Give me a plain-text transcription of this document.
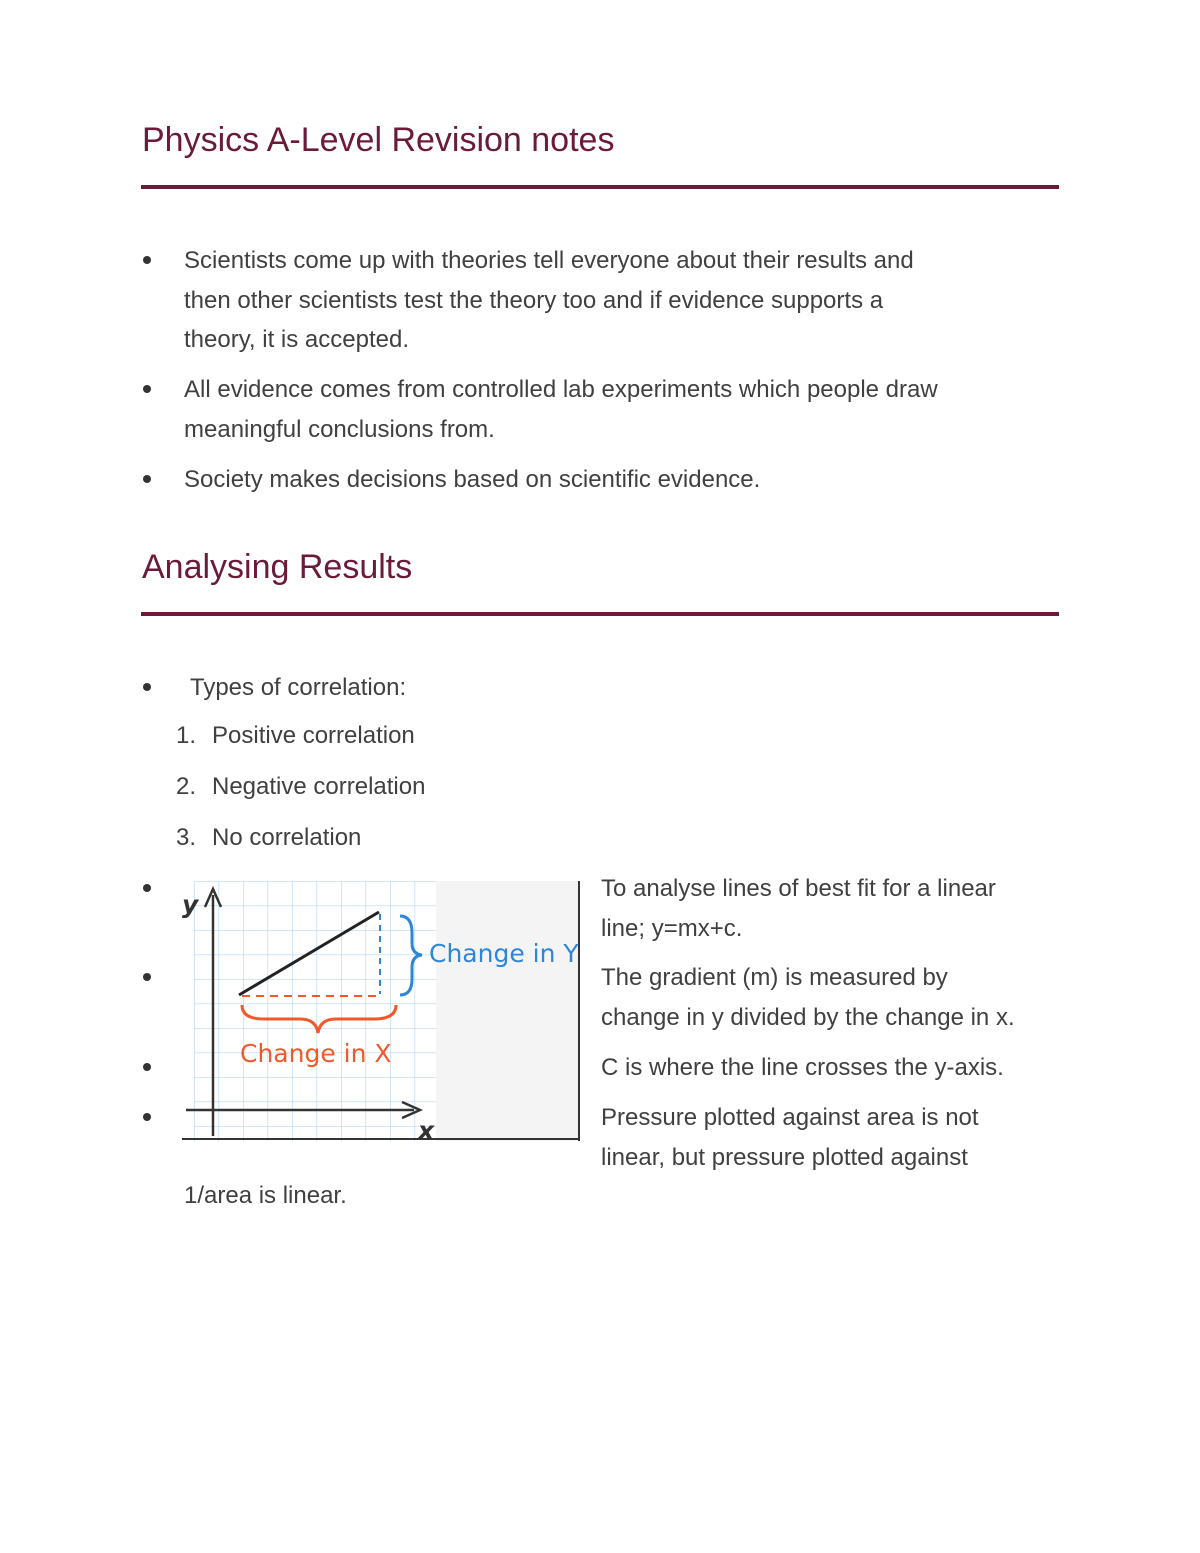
Physics A-Level Revision notes
Scientists come up with theories tell everyone about their results and
then other scientists test the theory too and if evidence supports a
theory, it is accepted.
All evidence comes from controlled lab experiments which people draw
meaningful conclusions from.
Society makes decisions based on scientific evidence.
Analysing Results
Types of correlation:
1. Positive correlation
2. Negative correlation
3. No correlation
y
x
Change in X
Change in Y
To analyse lines of best fit for a linear
line; y=mx+c.
The gradient (m) is measured by
change in y divided by the change in x.
C is where the line crosses the y-axis.
Pressure plotted against area is not
linear, but pressure plotted against
1/area is linear.
